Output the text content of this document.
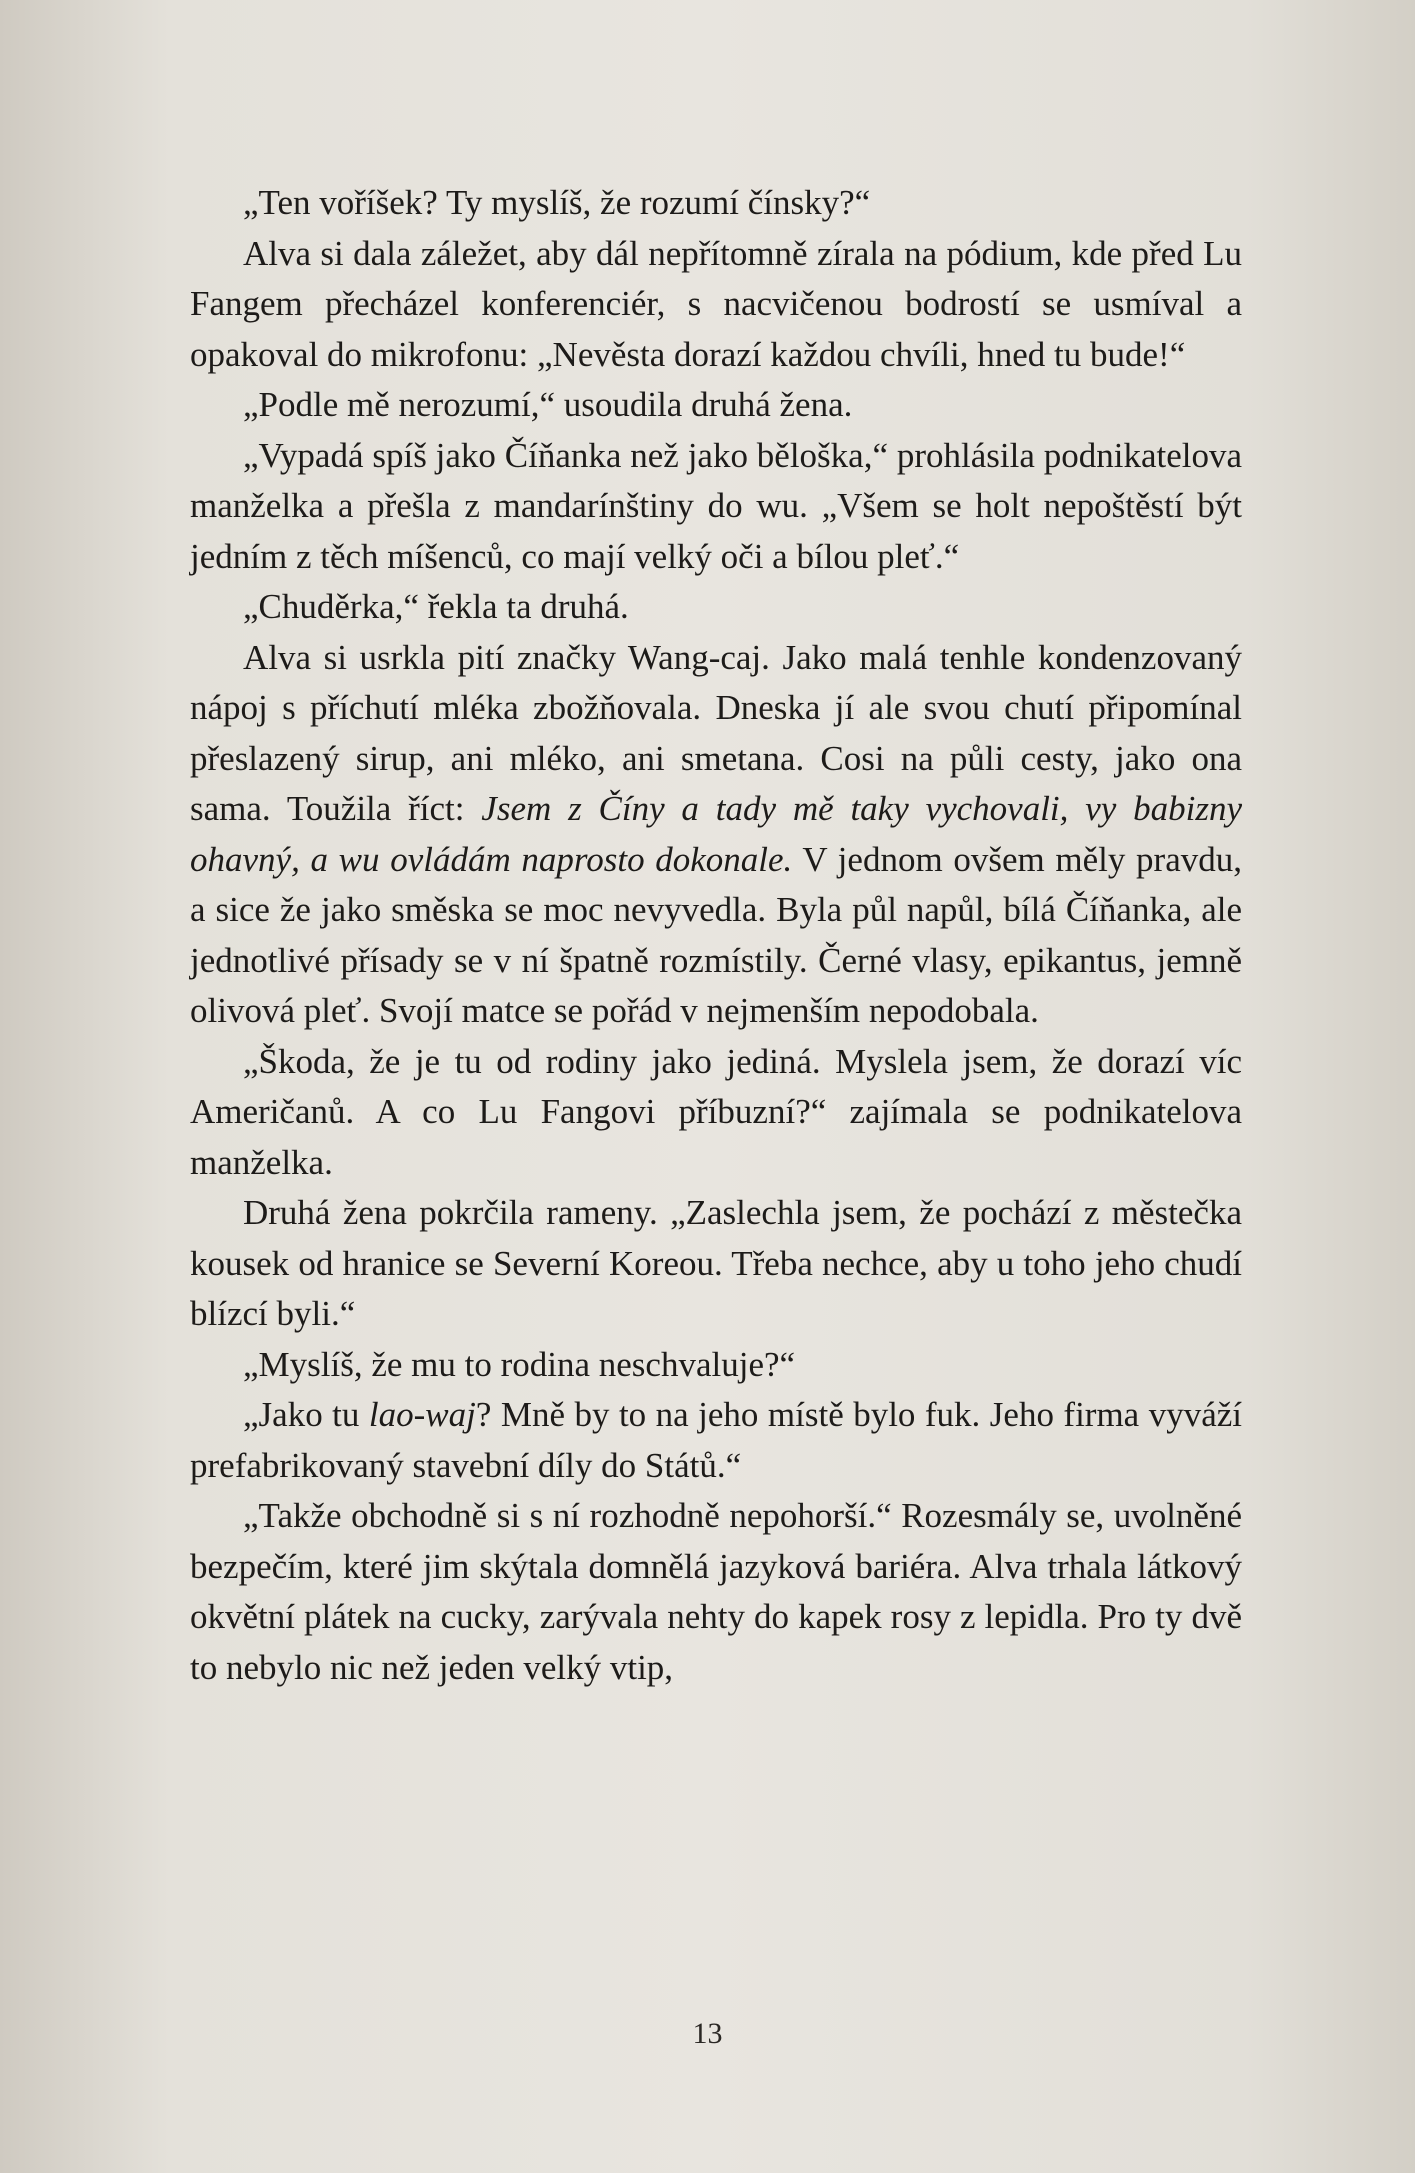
„Ten voříšek? Ty myslíš, že rozumí čínsky?“

Alva si dala záležet, aby dál nepřítomně zírala na pódium, kde před Lu Fangem přecházel konferenciér, s nacvičenou bodrostí se usmíval a opakoval do mikrofonu: „Nevěsta dorazí každou chvíli, hned tu bude!“

„Podle mě nerozumí,“ usoudila druhá žena.

„Vypadá spíš jako Číňanka než jako běloška,“ prohlásila podnikatelova manželka a přešla z mandarínštiny do wu. „Všem se holt nepoštěstí být jedním z těch míšenců, co mají velký oči a bílou pleť.“

„Chuděrka,“ řekla ta druhá.

Alva si usrkla pití značky Wang-caj. Jako malá tenhle kondenzovaný nápoj s příchutí mléka zbožňovala. Dneska jí ale svou chutí připomínal přeslazený sirup, ani mléko, ani smetana. Cosi na půli cesty, jako ona sama. Toužila říct: Jsem z Číny a tady mě taky vychovali, vy babizny ohavný, a wu ovládám naprosto dokonale. V jednom ovšem měly pravdu, a sice že jako směska se moc nevyvedla. Byla půl napůl, bílá Číňanka, ale jednotlivé přísady se v ní špatně rozmístily. Černé vlasy, epikantus, jemně olivová pleť. Svojí matce se pořád v nejmenším nepodobala.

„Škoda, že je tu od rodiny jako jediná. Myslela jsem, že dorazí víc Američanů. A co Lu Fangovi příbuzní?“ zajímala se podnikatelova manželka.

Druhá žena pokrčila rameny. „Zaslechla jsem, že pochází z městečka kousek od hranice se Severní Koreou. Třeba nechce, aby u toho jeho chudí blízcí byli.“

„Myslíš, že mu to rodina neschvaluje?“

„Jako tu lao-waj? Mně by to na jeho místě bylo fuk. Jeho firma vyváží prefabrikovaný stavební díly do Států.“

„Takže obchodně si s ní rozhodně nepohorší.“ Rozesmály se, uvolněné bezpečím, které jim skýtala domnělá jazyková bariéra. Alva trhala látkový okvětní plátek na cucky, zarývala nehty do kapek rosy z lepidla. Pro ty dvě to nebylo nic než jeden velký vtip,

13
